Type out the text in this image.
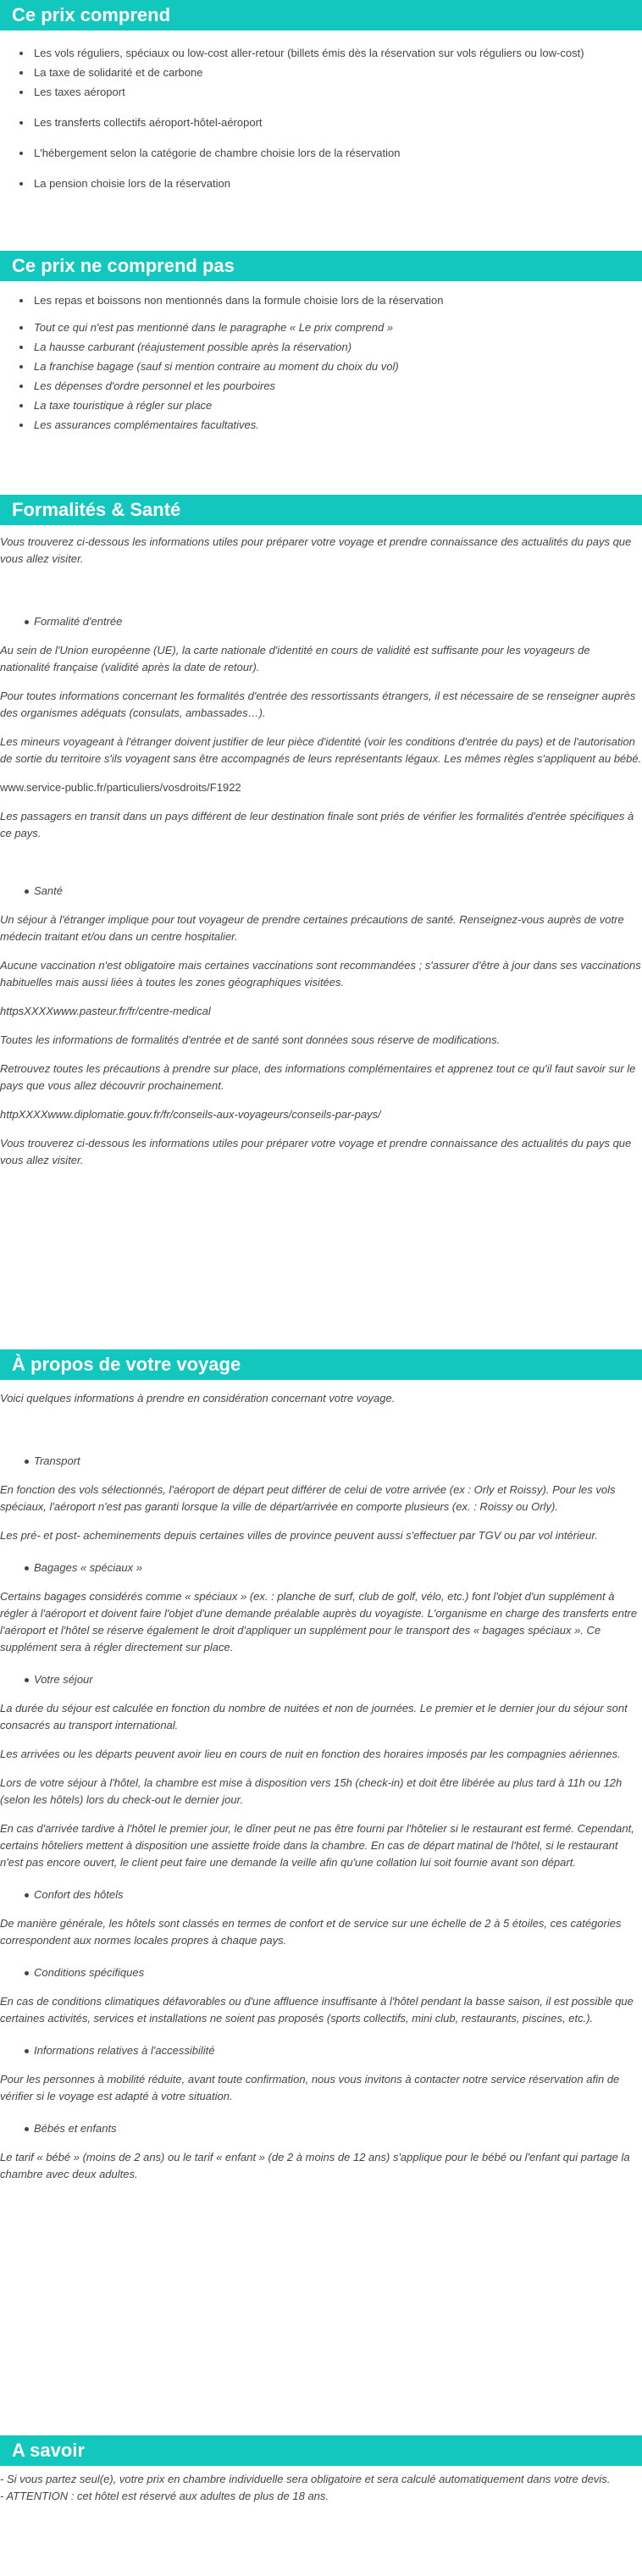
Ce prix comprend
• Les vols réguliers, spéciaux ou low-cost aller-retour (billets émis dès la réservation sur vols réguliers ou low-cost)
• La taxe de solidarité et de carbone
• Les taxes aéroport
• Les transferts collectifs aéroport-hôtel-aéroport
• L'hébergement selon la catégorie de chambre choisie lors de la réservation
• La pension choisie lors de la réservation
Ce prix ne comprend pas
• Les repas et boissons non mentionnés dans la formule choisie lors de la réservation
• Tout ce qui n'est pas mentionné dans le paragraphe « Le prix comprend »
• La hausse carburant (réajustement possible après la réservation)
• La franchise bagage (sauf si mention contraire au moment du choix du vol)
• Les dépenses d'ordre personnel et les pourboires
• La taxe touristique à régler sur place
• Les assurances complémentaires facultatives.
Formalités & Santé

Vous trouverez ci-dessous les informations utiles pour préparer votre voyage et prendre connaissance des actualités du pays que vous allez visiter.

Formalité d'entrée

Au sein de l'Union européenne (UE), la carte nationale d'identité en cours de validité est suffisante pour les voyageurs de nationalité française (validité après la date de retour).

Pour toutes informations concernant les formalités d'entrée des ressortissants étrangers, il est nécessaire de se renseigner auprès des organismes adéquats (consulats, ambassades…).

Les mineurs voyageant à l'étranger doivent justifier de leur pièce d'identité (voir les conditions d'entrée du pays) et de l'autorisation de sortie du territoire s'ils voyagent sans être accompagnés de leurs représentants légaux. Les mêmes règles s'appliquent au bébé.

www.service-public.fr/particuliers/vosdroits/F1922

Les passagers en transit dans un pays différent de leur destination finale sont priés de vérifier les formalités d'entrée spécifiques à ce pays.

Santé

Un séjour à l'étranger implique pour tout voyageur de prendre certaines précautions de santé. Renseignez-vous auprès de votre médecin traitant et/ou dans un centre hospitalier.

Aucune vaccination n'est obligatoire mais certaines vaccinations sont recommandées ; s'assurer d'être à jour dans ses vaccinations habituelles mais aussi liées à toutes les zones géographiques visitées.

httpsXXXXwww.pasteur.fr/fr/centre-medical

Toutes les informations de formalités d'entrée et de santé sont données sous réserve de modifications.

Retrouvez toutes les précautions à prendre sur place, des informations complémentaires et apprenez tout ce qu'il faut savoir sur le pays que vous allez découvrir prochainement.

httpXXXXwww.diplomatie.gouv.fr/fr/conseils-aux-voyageurs/conseils-par-pays/

Vous trouverez ci-dessous les informations utiles pour préparer votre voyage et prendre connaissance des actualités du pays que vous allez visiter.

À propos de votre voyage

Voici quelques informations à prendre en considération concernant votre voyage.

Transport

En fonction des vols sélectionnés, l'aéroport de départ peut différer de celui de votre arrivée (ex : Orly et Roissy). Pour les vols spéciaux, l'aéroport n'est pas garanti lorsque la ville de départ/arrivée en comporte plusieurs (ex. : Roissy ou Orly).

Les pré- et post- acheminements depuis certaines villes de province peuvent aussi s'effectuer par TGV ou par vol intérieur.

Bagages « spéciaux »

Certains bagages considérés comme « spéciaux » (ex. : planche de surf, club de golf, vélo, etc.) font l'objet d'un supplément à régler à l'aéroport et doivent faire l'objet d'une demande préalable auprès du voyagiste. L'organisme en charge des transferts entre l'aéroport et l'hôtel se réserve également le droit d'appliquer un supplément pour le transport des « bagages spéciaux ». Ce supplément sera à régler directement sur place.

Votre séjour

La durée du séjour est calculée en fonction du nombre de nuitées et non de journées. Le premier et le dernier jour du séjour sont consacrés au transport international.

Les arrivées ou les départs peuvent avoir lieu en cours de nuit en fonction des horaires imposés par les compagnies aériennes.

Lors de votre séjour à l'hôtel, la chambre est mise à disposition vers 15h (check-in) et doit être libérée au plus tard à 11h ou 12h (selon les hôtels) lors du check-out le dernier jour.

En cas d'arrivée tardive à l'hôtel le premier jour, le dîner peut ne pas être fourni par l'hôtelier si le restaurant est fermé. Cependant, certains hôteliers mettent à disposition une assiette froide dans la chambre. En cas de départ matinal de l'hôtel, si le restaurant n'est pas encore ouvert, le client peut faire une demande la veille afin qu'une collation lui soit fournie avant son départ.

Confort des hôtels

De manière générale, les hôtels sont classés en termes de confort et de service sur une échelle de 2 à 5 étoiles, ces catégories correspondent aux normes locales propres à chaque pays.

Conditions spécifiques

En cas de conditions climatiques défavorables ou d'une affluence insuffisante à l'hôtel pendant la basse saison, il est possible que certaines activités, services et installations ne soient pas proposés (sports collectifs, mini club, restaurants, piscines, etc.).

Informations relatives à l'accessibilité

Pour les personnes à mobilité réduite, avant toute confirmation, nous vous invitons à contacter notre service réservation afin de vérifier si le voyage est adapté à votre situation.

Bébés et enfants

Le tarif « bébé » (moins de 2 ans) ou le tarif « enfant » (de 2 à moins de 12 ans) s'applique pour le bébé ou l'enfant qui partage la chambre avec deux adultes.

A savoir

- Si vous partez seul(e), votre prix en chambre individuelle sera obligatoire et sera calculé automatiquement dans votre devis.

- ATTENTION : cet hôtel est réservé aux adultes de plus de 18 ans.
